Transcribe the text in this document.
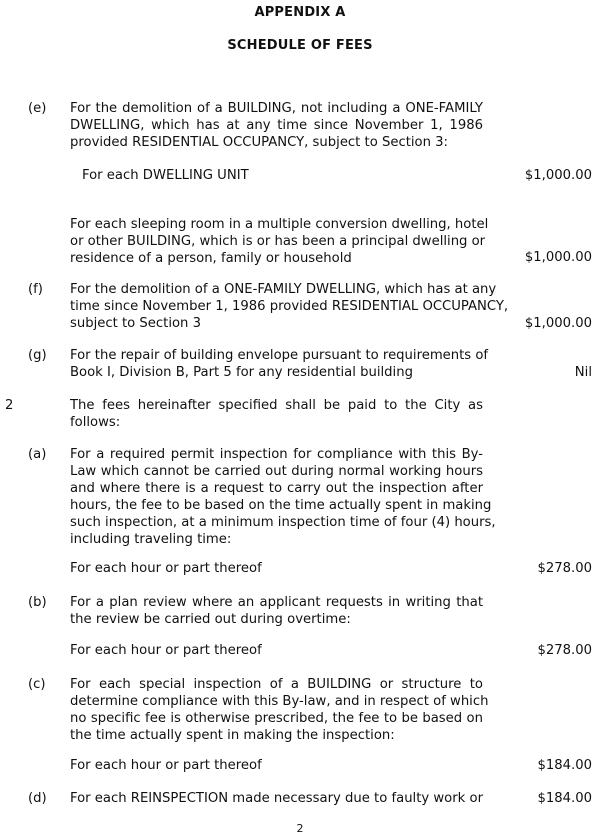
APPENDIX A
SCHEDULE OF FEES
(e) For the demolition of a BUILDING, not including a ONE-FAMILY
DWELLING, which has at any time since November 1, 1986
provided RESIDENTIAL OCCUPANCY, subject to Section 3:
For each DWELLING UNIT	$1,000.00
For each sleeping room in a multiple conversion dwelling, hotel
or other BUILDING, which is or has been a principal dwelling or
residence of a person, family or household	$1,000.00
(f) For the demolition of a ONE-FAMILY DWELLING, which has at any
time since November 1, 1986 provided RESIDENTIAL OCCUPANCY,
subject to Section 3	$1,000.00
(g) For the repair of building envelope pursuant to requirements of
Book I, Division B, Part 5 for any residential building	Nil
2	The fees hereinafter specified shall be paid to the City as
follows:
(a) For a required permit inspection for compliance with this By-
Law which cannot be carried out during normal working hours
and where there is a request to carry out the inspection after
hours, the fee to be based on the time actually spent in making
such inspection, at a minimum inspection time of four (4) hours,
including traveling time:
For each hour or part thereof	$278.00
(b) For a plan review where an applicant requests in writing that
the review be carried out during overtime:
For each hour or part thereof	$278.00
(c) For each special inspection of a BUILDING or structure to
determine compliance with this By-law, and in respect of which
no specific fee is otherwise prescribed, the fee to be based on
the time actually spent in making the inspection:
For each hour or part thereof	$184.00
(d) For each REINSPECTION made necessary due to faulty work or	$184.00
2
